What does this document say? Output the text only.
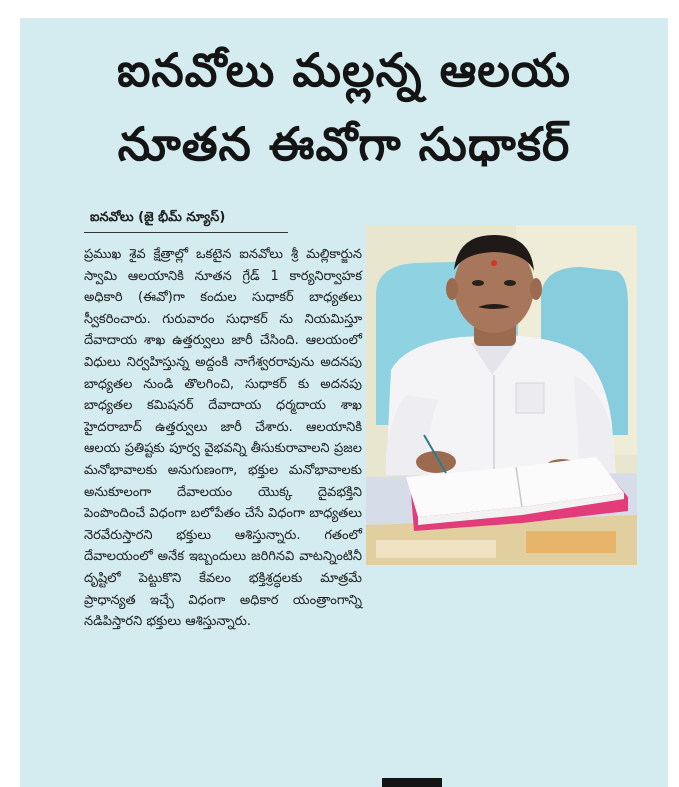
ఐనవోలు మల్లన్న ఆలయ
నూతన ఈవోగా సుధాకర్
ఐనవోలు (జై భీమ్ న్యూస్)

ప్రముఖ శైవ క్షేత్రాల్లో ఒకటైన ఐనవోలు శ్రీ మల్లికార్జున స్వామి ఆలయానికి నూతన గ్రేడ్ 1 కార్యనిర్వాహక అధికారి (ఈవో)గా కందుల సుధాకర్ బాధ్యతలు స్వీకరించారు. గురువారం సుధాకర్ ను నియమిస్తూ దేవాదాయ శాఖ ఉత్తర్వులు జారీ చేసింది. ఆలయంలో విధులు నిర్వహిస్తున్న అద్దంకి నాగేశ్వరరావును అదనపు బాధ్యతల నుండి తొలగించి, సుధాకర్ కు అదనపు బాధ్యతల కమిషనర్ దేవాదాయ ధర్మదాయ శాఖ హైదరాబాద్ ఉత్తర్వులు జారీ చేశారు. ఆలయానికి ఆలయ ప్రతిష్టకు పూర్వ వైభవన్ని తీసుకురావాలని ప్రజల మనోభావాలకు అనుగుణంగా, భక్తుల మనోభావాలకు అనుకూలంగా దేవాలయం యొక్క దైవభక్తిని పెంపొందించే విధంగా బలోపేతం చేసే విధంగా బాధ్యతలు నెరవేరుస్తారని భక్తులు ఆశిస్తున్నారు. గతంలో దేవాలయంలో అనేక ఇబ్బందులు జరిగినవి వాటన్నింటినీ దృష్టిలో పెట్టుకొని కేవలం భక్తిశ్రద్ధలకు మాత్రమే ప్రాధాన్యత ఇచ్చే విధంగా అధికార యంత్రాంగాన్ని నడిపిస్తారని భక్తులు ఆశిస్తున్నారు.
